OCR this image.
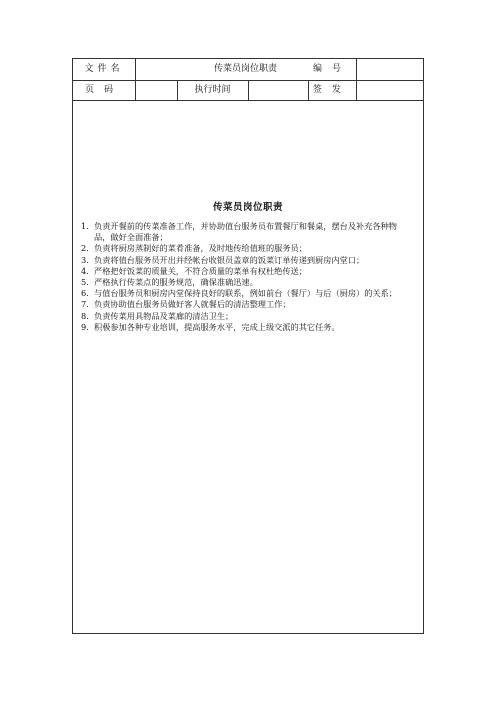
文件名	传菜员岗位职责	编号
页码	执行时间	签发
传菜员岗位职责
1. 负责开餐前的传菜准备工作，并协助值台服务员布置餐厅和餐桌，摆台及补充各种物品，做好全面准备；
2. 负责将厨房蒸制好的菜肴准备，及时地传给值班的服务员；
3. 负责将值台服务员开出并经帐台收银员盖章的饭菜订单传递到厨房内堂口；
4. 严格把好饭菜的质量关，不符合质量的菜单有权杜绝传送；
5. 严格执行传菜点的服务规范，确保准确迅速。
6. 与值台服务员和厨房内堂保持良好的联系，例如前台（餐厅）与后（厨房）的关系；
7. 负责协助值台服务员做好客人就餐后的清洁整理工作；
8. 负责传菜用具物品及菜廊的清洁卫生；
9. 积极参加各种专业培训，提高服务水平，完成上级交派的其它任务。
